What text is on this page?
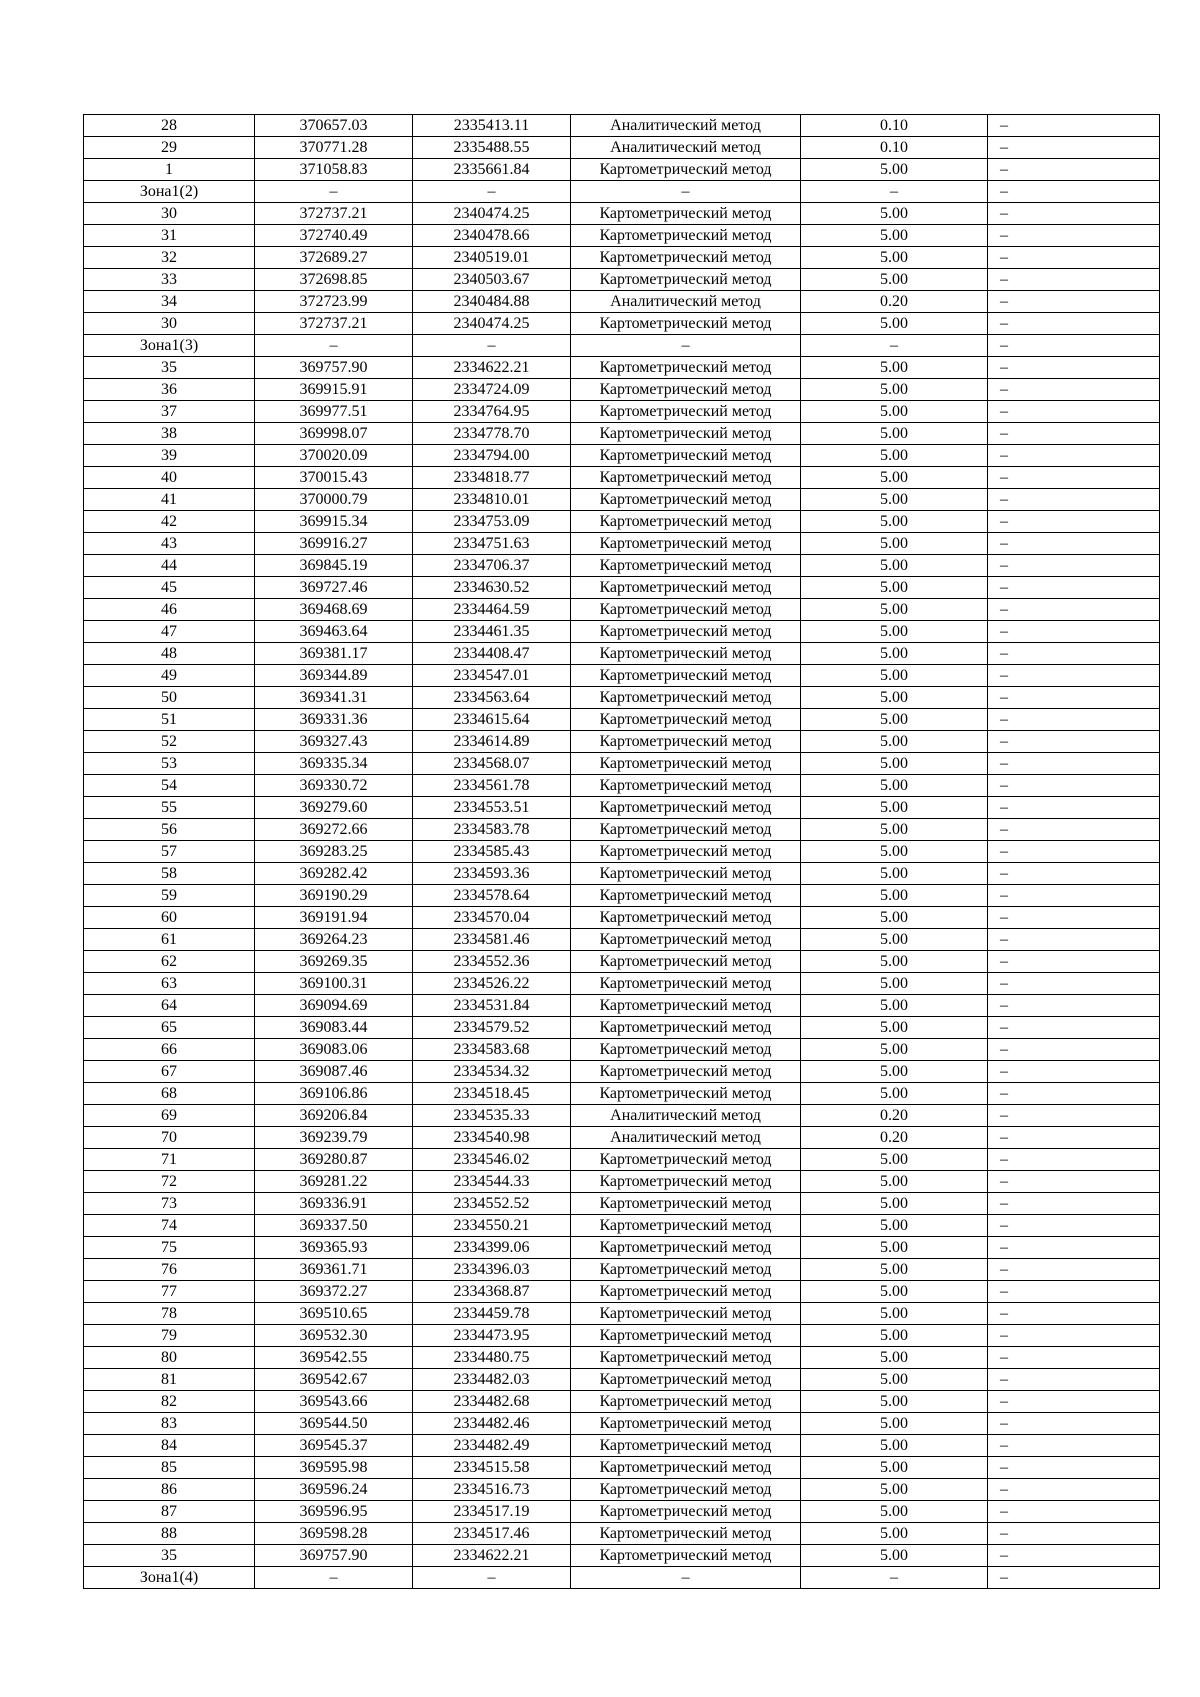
28	370657.03	2335413.11	Аналитический метод	0.10	–
29	370771.28	2335488.55	Аналитический метод	0.10	–
1	371058.83	2335661.84	Картометрический метод	5.00	–
Зона1(2)	–	–	–	–	–
30	372737.21	2340474.25	Картометрический метод	5.00	–
31	372740.49	2340478.66	Картометрический метод	5.00	–
32	372689.27	2340519.01	Картометрический метод	5.00	–
33	372698.85	2340503.67	Картометрический метод	5.00	–
34	372723.99	2340484.88	Аналитический метод	0.20	–
30	372737.21	2340474.25	Картометрический метод	5.00	–
Зона1(3)	–	–	–	–	–
35	369757.90	2334622.21	Картометрический метод	5.00	–
36	369915.91	2334724.09	Картометрический метод	5.00	–
37	369977.51	2334764.95	Картометрический метод	5.00	–
38	369998.07	2334778.70	Картометрический метод	5.00	–
39	370020.09	2334794.00	Картометрический метод	5.00	–
40	370015.43	2334818.77	Картометрический метод	5.00	–
41	370000.79	2334810.01	Картометрический метод	5.00	–
42	369915.34	2334753.09	Картометрический метод	5.00	–
43	369916.27	2334751.63	Картометрический метод	5.00	–
44	369845.19	2334706.37	Картометрический метод	5.00	–
45	369727.46	2334630.52	Картометрический метод	5.00	–
46	369468.69	2334464.59	Картометрический метод	5.00	–
47	369463.64	2334461.35	Картометрический метод	5.00	–
48	369381.17	2334408.47	Картометрический метод	5.00	–
49	369344.89	2334547.01	Картометрический метод	5.00	–
50	369341.31	2334563.64	Картометрический метод	5.00	–
51	369331.36	2334615.64	Картометрический метод	5.00	–
52	369327.43	2334614.89	Картометрический метод	5.00	–
53	369335.34	2334568.07	Картометрический метод	5.00	–
54	369330.72	2334561.78	Картометрический метод	5.00	–
55	369279.60	2334553.51	Картометрический метод	5.00	–
56	369272.66	2334583.78	Картометрический метод	5.00	–
57	369283.25	2334585.43	Картометрический метод	5.00	–
58	369282.42	2334593.36	Картометрический метод	5.00	–
59	369190.29	2334578.64	Картометрический метод	5.00	–
60	369191.94	2334570.04	Картометрический метод	5.00	–
61	369264.23	2334581.46	Картометрический метод	5.00	–
62	369269.35	2334552.36	Картометрический метод	5.00	–
63	369100.31	2334526.22	Картометрический метод	5.00	–
64	369094.69	2334531.84	Картометрический метод	5.00	–
65	369083.44	2334579.52	Картометрический метод	5.00	–
66	369083.06	2334583.68	Картометрический метод	5.00	–
67	369087.46	2334534.32	Картометрический метод	5.00	–
68	369106.86	2334518.45	Картометрический метод	5.00	–
69	369206.84	2334535.33	Аналитический метод	0.20	–
70	369239.79	2334540.98	Аналитический метод	0.20	–
71	369280.87	2334546.02	Картометрический метод	5.00	–
72	369281.22	2334544.33	Картометрический метод	5.00	–
73	369336.91	2334552.52	Картометрический метод	5.00	–
74	369337.50	2334550.21	Картометрический метод	5.00	–
75	369365.93	2334399.06	Картометрический метод	5.00	–
76	369361.71	2334396.03	Картометрический метод	5.00	–
77	369372.27	2334368.87	Картометрический метод	5.00	–
78	369510.65	2334459.78	Картометрический метод	5.00	–
79	369532.30	2334473.95	Картометрический метод	5.00	–
80	369542.55	2334480.75	Картометрический метод	5.00	–
81	369542.67	2334482.03	Картометрический метод	5.00	–
82	369543.66	2334482.68	Картометрический метод	5.00	–
83	369544.50	2334482.46	Картометрический метод	5.00	–
84	369545.37	2334482.49	Картометрический метод	5.00	–
85	369595.98	2334515.58	Картометрический метод	5.00	–
86	369596.24	2334516.73	Картометрический метод	5.00	–
87	369596.95	2334517.19	Картометрический метод	5.00	–
88	369598.28	2334517.46	Картометрический метод	5.00	–
35	369757.90	2334622.21	Картометрический метод	5.00	–
Зона1(4)	–	–	–	–	–
